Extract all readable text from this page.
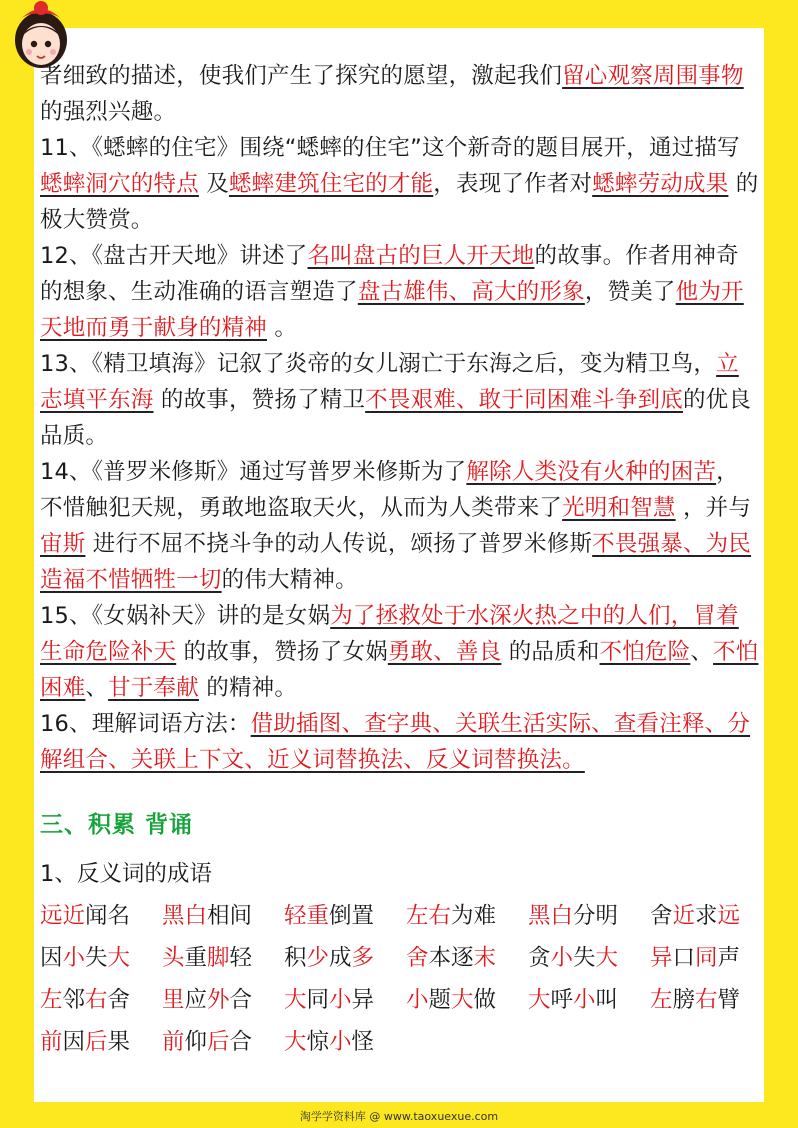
者细致的描述，使我们产生了探究的愿望，激起我们留心观察周围事物 的强烈兴趣。
11、《蟋蟀的住宅》围绕“蟋蟀的住宅”这个新奇的题目展开，通过描写蟋蟀洞穴的特点 及蟋蟀建筑住宅的才能，表现了作者对蟋蟀劳动成果 的极大赞赏。
12、《盘古开天地》讲述了名叫盘古的巨人开天地的故事。作者用神奇的想象、生动准确的语言塑造了盘古雄伟、高大的形象，赞美了他为开天地而勇于献身的精神 。
13、《精卫填海》记叙了炎帝的女儿溺亡于东海之后，变为精卫鸟，立志填平东海 的故事，赞扬了精卫不畏艰难、敢于同困难斗争到底的优良品质。
14、《普罗米修斯》通过写普罗米修斯为了解除人类没有火种的困苦，不惜触犯天规，勇敢地盗取天火，从而为人类带来了光明和智慧 ，并与宙斯 进行不屈不挠斗争的动人传说，颂扬了普罗米修斯不畏强暴、为民造福不惜牺牲一切的伟大精神。
15、《女娲补天》讲的是女娲为了拯救处于水深火热之中的人们，冒着生命危险补天 的故事，赞扬了女娲勇敢、善良 的品质和不怕危险、不怕困难、甘于奉献 的精神。
16、理解词语方法：借助插图、查字典、关联生活实际、查看注释、分解组合、关联上下文、近义词替换法、反义词替换法。
三、积累 背诵
1、反义词的成语
远近闻名	黑白相间	轻重倒置	左右为难	黑白分明	舍近求远
因小失大	头重脚轻	积少成多	舍本逐末	贪小失大	异口同声
左邻右舍	里应外合	大同小异	小题大做	大呼小叫	左膀右臂
前因后果	前仰后合	大惊小怪
淘学学资料库 @ www.taoxuexue.com
